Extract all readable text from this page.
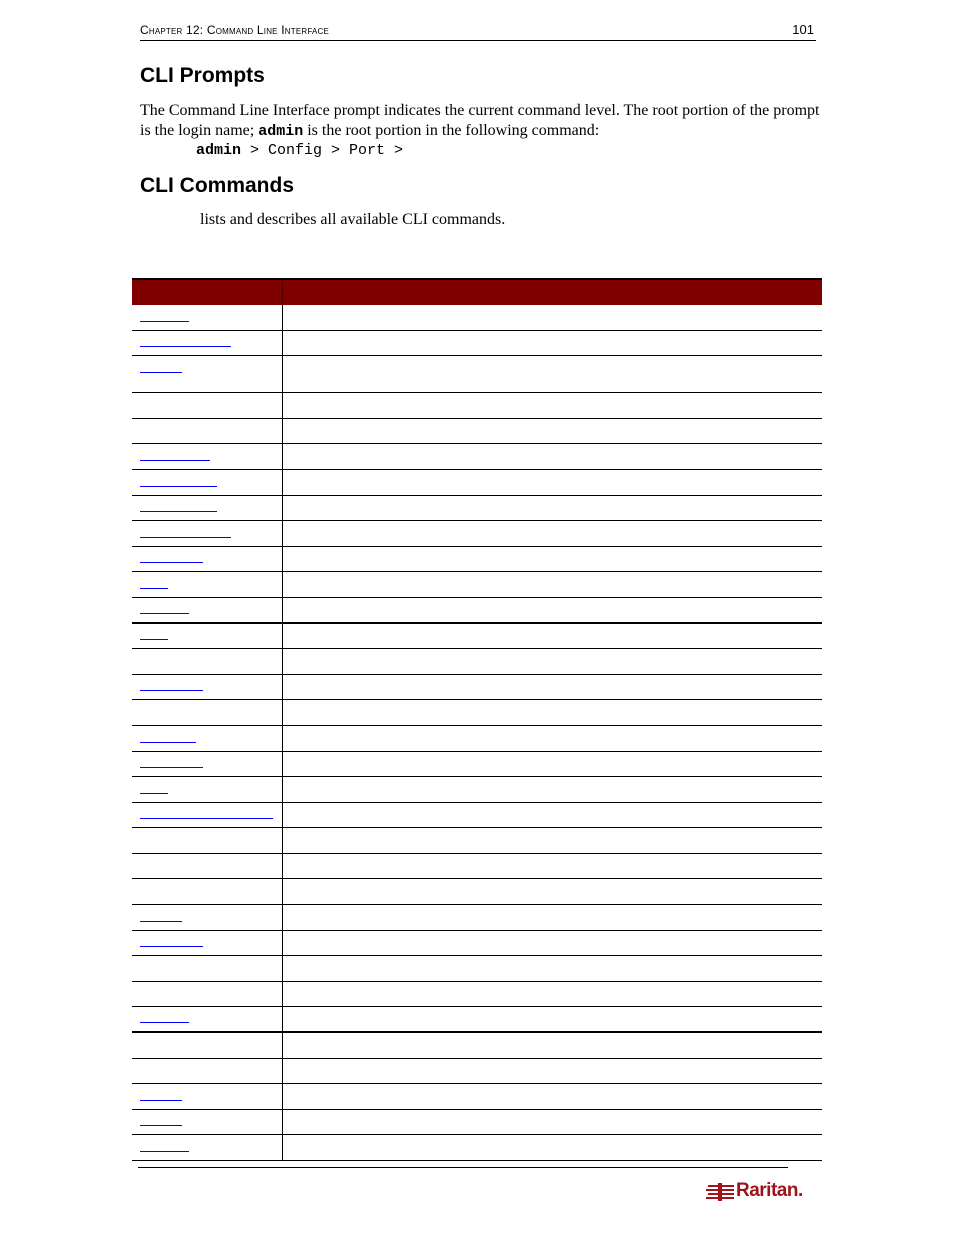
Chapter 12: Command Line Interface	101
CLI Prompts
The Command Line Interface prompt indicates the current command level. The root portion of the prompt is the login name; admin is the root portion in the following command:
admin > Config > Port >
CLI Commands
lists and describes all available CLI commands.
Raritan.
